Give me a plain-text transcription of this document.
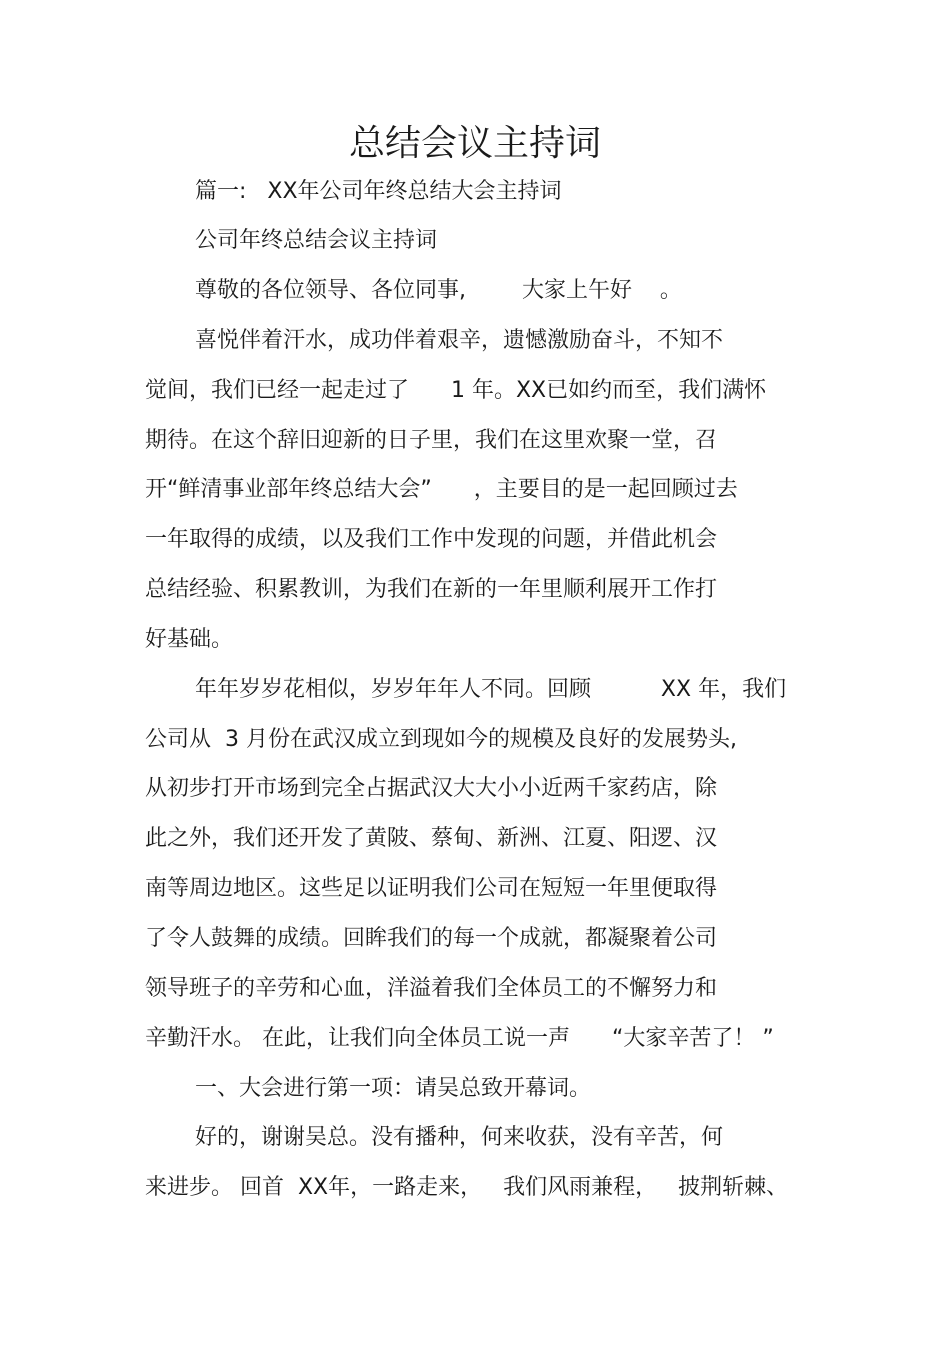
总结会议主持词
篇一:   XX年公司年终总结大会主持词
公司年终总结会议主持词
尊敬的各位领导、各位同事,        大家上午好    。
喜悦伴着汗水，成功伴着艰辛，遗憾激励奋斗，不知不
觉间，我们已经一起走过了      1 年。XX已如约而至，我们满怀
期待。在这个辞旧迎新的日子里，我们在这里欢聚一堂，召
开“鲜清事业部年终总结大会”      ，主要目的是一起回顾过去
一年取得的成绩，以及我们工作中发现的问题，并借此机会
总结经验、积累教训，为我们在新的一年里顺利展开工作打
好基础。
年年岁岁花相似，岁岁年年人不同。回顾          XX 年，我们
公司从  3 月份在武汉成立到现如今的规模及良好的发展势头,
从初步打开市场到完全占据武汉大大小小近两千家药店，除
此之外，我们还开发了黄陂、蔡甸、新洲、江夏、阳逻、汉
南等周边地区。这些足以证明我们公司在短短一年里便取得
了令人鼓舞的成绩。回眸我们的每一个成就，都凝聚着公司
领导班子的辛劳和心血，洋溢着我们全体员工的不懈努力和
辛勤汗水。 在此，让我们向全体员工说一声      “大家辛苦了！ ”
一、大会进行第一项：请吴总致开幕词。
好的，谢谢吴总。没有播种，何来收获，没有辛苦，何
来进步。 回首  XX年，一路走来，   我们风雨兼程，   披荆斩棘、
